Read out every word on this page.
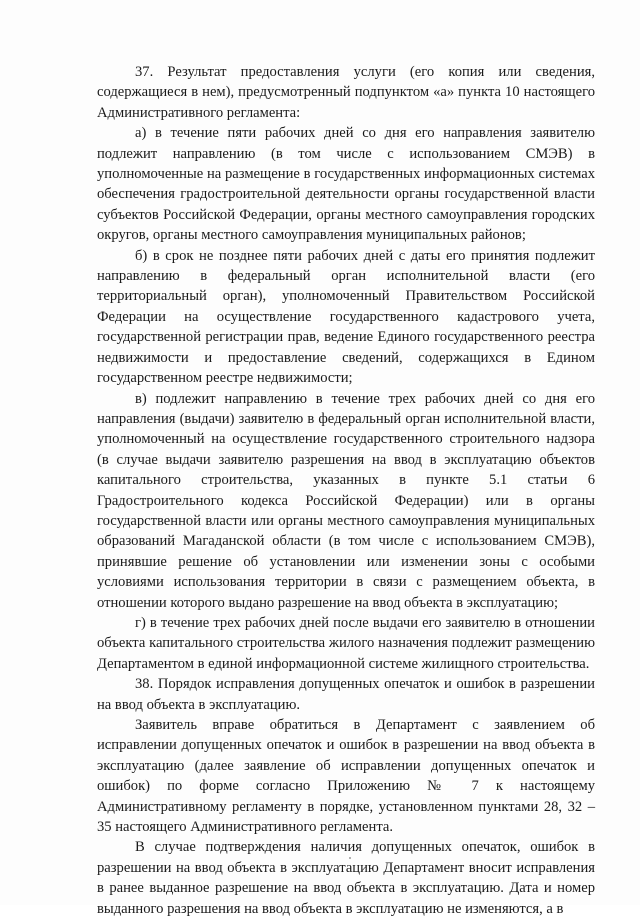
37. Результат предоставления услуги (его копия или сведения, содержащиеся в нем), предусмотренный подпунктом «а» пункта 10 настоящего Административного регламента:

а) в течение пяти рабочих дней со дня его направления заявителю подлежит направлению (в том числе с использованием СМЭВ) в уполномоченные на размещение в государственных информационных системах обеспечения градостроительной деятельности органы государственной власти субъектов Российской Федерации, органы местного самоуправления городских округов, органы местного самоуправления муниципальных районов;

б) в срок не позднее пяти рабочих дней с даты его принятия подлежит направлению в федеральный орган исполнительной власти (его территориальный орган), уполномоченный Правительством Российской Федерации на осуществление государственного кадастрового учета, государственной регистрации прав, ведение Единого государственного реестра недвижимости и предоставление сведений, содержащихся в Едином государственном реестре недвижимости;

в) подлежит направлению в течение трех рабочих дней со дня его направления (выдачи) заявителю в федеральный орган исполнительной власти, уполномоченный на осуществление государственного строительного надзора (в случае выдачи заявителю разрешения на ввод в эксплуатацию объектов капитального строительства, указанных в пункте 5.1 статьи 6 Градостроительного кодекса Российской Федерации) или в органы государственной власти или органы местного самоуправления муниципальных образований Магаданской области (в том числе с использованием СМЭВ), принявшие решение об установлении или изменении зоны с особыми условиями использования территории в связи с размещением объекта, в отношении которого выдано разрешение на ввод объекта в эксплуатацию;

г) в течение трех рабочих дней после выдачи его заявителю в отношении объекта капитального строительства жилого назначения подлежит размещению Департаментом в единой информационной системе жилищного строительства.

38. Порядок исправления допущенных опечаток и ошибок в разрешении на ввод объекта в эксплуатацию.

Заявитель вправе обратиться в Департамент с заявлением об исправлении допущенных опечаток и ошибок в разрешении на ввод объекта в эксплуатацию (далее заявление об исправлении допущенных опечаток и ошибок) по форме согласно Приложению № 7 к настоящему Административному регламенту в порядке, установленном пунктами 28, 32 – 35 настоящего Административного регламента.

В случае подтверждения наличия допущенных опечаток, ошибок в разрешении на ввод объекта в эксплуатацию Департамент вносит исправления в ранее выданное разрешение на ввод объекта в эксплуатацию. Дата и номер выданного разрешения на ввод объекта в эксплуатацию не изменяются, а в
